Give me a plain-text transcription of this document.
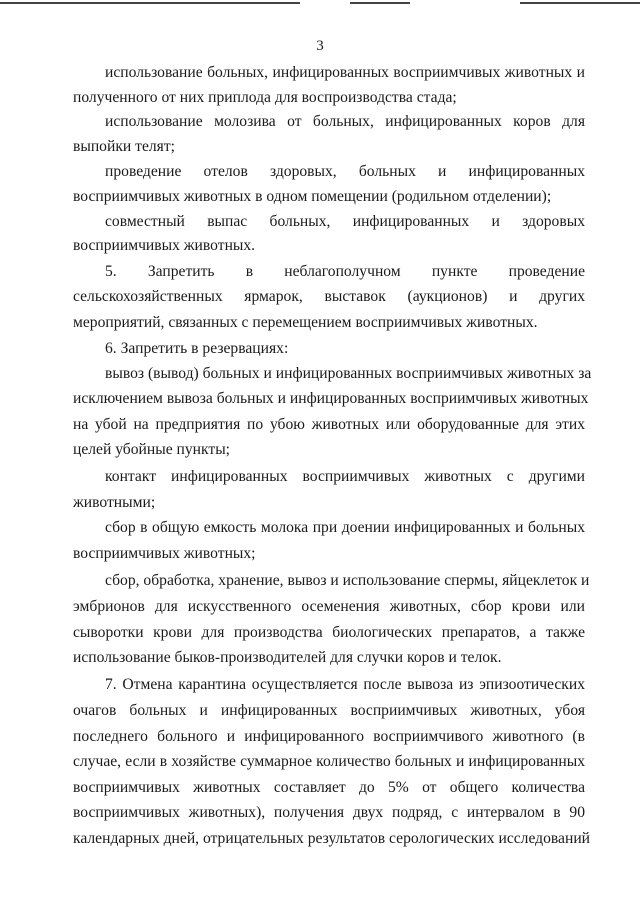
3
использование больных, инфицированных восприимчивых животных и
полученного от них приплода для воспроизводства стада;
использование молозива от больных, инфицированных коров для
выпойки телят;
проведение отелов здоровых, больных и инфицированных
восприимчивых животных в одном помещении (родильном отделении);
совместный выпас больных, инфицированных и здоровых
восприимчивых животных.
5. Запретить в неблагополучном пункте проведение
сельскохозяйственных ярмарок, выставок (аукционов) и других
мероприятий, связанных с перемещением восприимчивых животных.
6. Запретить в резервациях:
вывоз (вывод) больных и инфицированных восприимчивых животных за
исключением вывоза больных и инфицированных восприимчивых животных
на убой на предприятия по убою животных или оборудованные для этих
целей убойные пункты;
контакт инфицированных восприимчивых животных с другими
животными;
сбор в общую емкость молока при доении инфицированных и больных
восприимчивых животных;
сбор, обработка, хранение, вывоз и использование спермы, яйцеклеток и
эмбрионов для искусственного осеменения животных, сбор крови или
сыворотки крови для производства биологических препаратов, а также
использование быков-производителей для случки коров и телок.
7. Отмена карантина осуществляется после вывоза из эпизоотических
очагов больных и инфицированных восприимчивых животных, убоя
последнего больного и инфицированного восприимчивого животного (в
случае, если в хозяйстве суммарное количество больных и инфицированных
восприимчивых животных составляет до 5% от общего количества
восприимчивых животных), получения двух подряд, с интервалом в 90
календарных дней, отрицательных результатов серологических исследований
